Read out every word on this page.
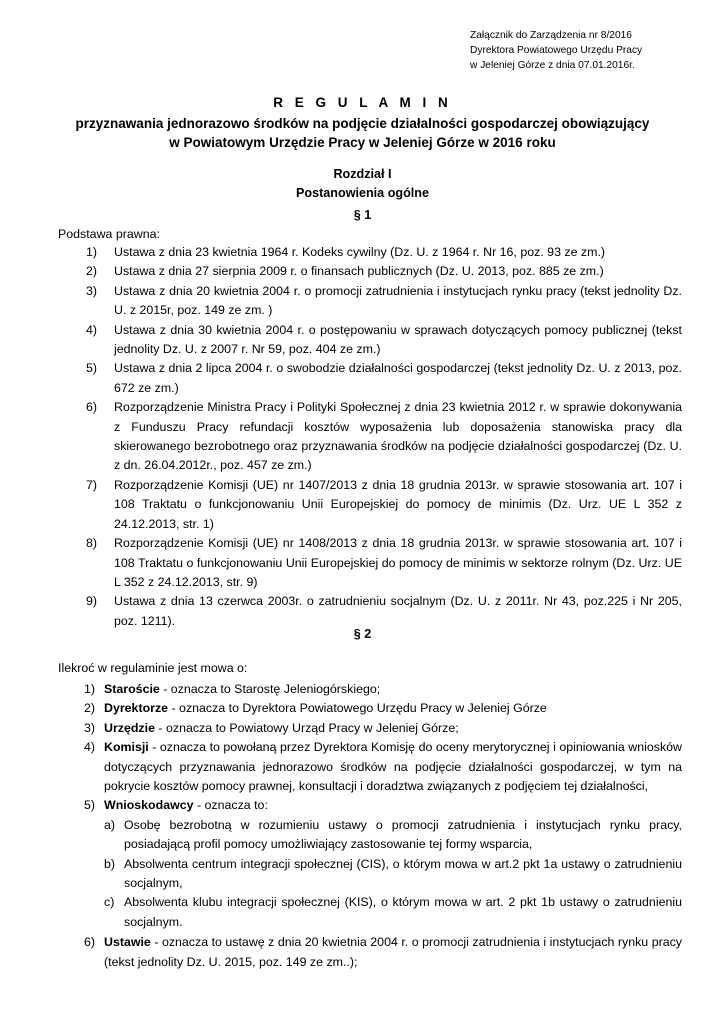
Załącznik do Zarządzenia nr 8/2016
Dyrektora Powiatowego Urzędu Pracy
w Jeleniej Górze z dnia 07.01.2016r.
R E G U L A M I N
przyznawania jednorazowo środków na podjęcie działalności gospodarczej obowiązujący
w Powiatowym Urzędzie Pracy w Jeleniej Górze w 2016 roku
Rozdział I
Postanowienia ogólne
§ 1
Podstawa prawna:
1) Ustawa z dnia 23 kwietnia 1964 r. Kodeks cywilny (Dz. U. z 1964 r. Nr 16, poz. 93 ze zm.)
2) Ustawa z dnia 27 sierpnia 2009 r. o finansach publicznych (Dz. U. 2013, poz. 885 ze zm.)
3) Ustawa z dnia 20 kwietnia 2004 r. o promocji zatrudnienia i instytucjach rynku pracy (tekst jednolity Dz. U. z 2015r, poz. 149 ze zm. )
4) Ustawa z dnia 30 kwietnia 2004 r. o postępowaniu w sprawach dotyczących pomocy publicznej (tekst jednolity Dz. U. z 2007 r. Nr 59, poz. 404 ze zm.)
5) Ustawa z dnia 2 lipca 2004 r. o swobodzie działalności gospodarczej (tekst jednolity Dz. U. z 2013, poz. 672 ze zm.)
6) Rozporządzenie Ministra Pracy i Polityki Społecznej z dnia 23 kwietnia 2012 r. w sprawie dokonywania z Funduszu Pracy refundacji kosztów wyposażenia lub doposażenia stanowiska pracy dla skierowanego bezrobotnego oraz przyznawania środków na podjęcie działalności gospodarczej (Dz. U. z dn. 26.04.2012r., poz. 457 ze zm.)
7) Rozporządzenie Komisji (UE) nr 1407/2013 z dnia 18 grudnia 2013r. w sprawie stosowania art. 107 i 108 Traktatu o funkcjonowaniu Unii Europejskiej do pomocy de minimis (Dz. Urz. UE L 352 z 24.12.2013, str. 1)
8) Rozporządzenie Komisji (UE) nr 1408/2013 z dnia 18 grudnia 2013r. w sprawie stosowania art. 107 i 108 Traktatu o funkcjonowaniu Unii Europejskiej do pomocy de minimis w sektorze rolnym (Dz. Urz. UE L 352 z 24.12.2013, str. 9)
9) Ustawa z dnia 13 czerwca 2003r. o zatrudnieniu socjalnym (Dz. U. z 2011r. Nr 43, poz.225 i Nr 205, poz. 1211).
§ 2
Ilekroć w regulaminie jest mowa o:
1) Staroście - oznacza to Starostę Jeleniogórskiego;
2) Dyrektorze - oznacza to Dyrektora Powiatowego Urzędu Pracy w Jeleniej Górze
3) Urzędzie - oznacza to Powiatowy Urząd Pracy w Jeleniej Górze;
4) Komisji - oznacza to powołaną przez Dyrektora Komisję do oceny merytorycznej i opiniowania wniosków dotyczących przyznawania jednorazowo środków na podjęcie działalności gospodarczej, w tym na pokrycie kosztów pomocy prawnej, konsultacji i doradztwa związanych z podjęciem tej działalności,
5) Wnioskodawcy - oznacza to:
a) Osobę bezrobotną w rozumieniu ustawy o promocji zatrudnienia i instytucjach rynku pracy, posiadającą profil pomocy umożliwiający zastosowanie tej formy wsparcia,
b) Absolwenta centrum integracji społecznej (CIS), o którym mowa w art.2 pkt 1a ustawy o zatrudnieniu socjalnym,
c) Absolwenta klubu integracji społecznej (KIS), o którym mowa w art. 2 pkt 1b ustawy o zatrudnieniu socjalnym.
6) Ustawie - oznacza to ustawę z dnia 20 kwietnia 2004 r. o promocji zatrudnienia i instytucjach rynku pracy (tekst jednolity Dz. U. 2015, poz. 149 ze zm..);
